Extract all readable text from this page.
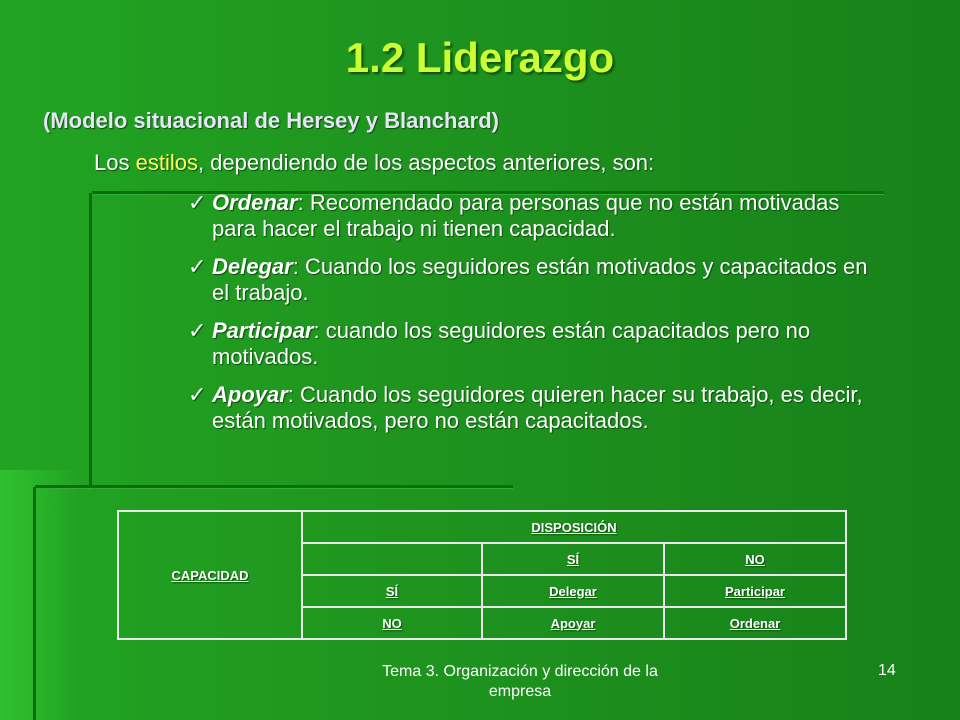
1.2 Liderazgo

(Modelo situacional de Hersey y Blanchard)

Los estilos, dependiendo de los aspectos anteriores, son:

✓ Ordenar: Recomendado para personas que no están motivadas para hacer el trabajo ni tienen capacidad.
✓ Delegar: Cuando los seguidores están motivados y capacitados en el trabajo.
✓ Participar: cuando los seguidores están capacitados pero no motivados.
✓ Apoyar: Cuando los seguidores quieren hacer su trabajo, es decir, están motivados, pero no están capacitados.
CAPACIDAD	DISPOSICIÓN		
		SÍ	NO
	SÍ	Delegar	Participar
	NO	Apoyar	Ordenar
Tema 3. Organización y dirección de la empresa
14
